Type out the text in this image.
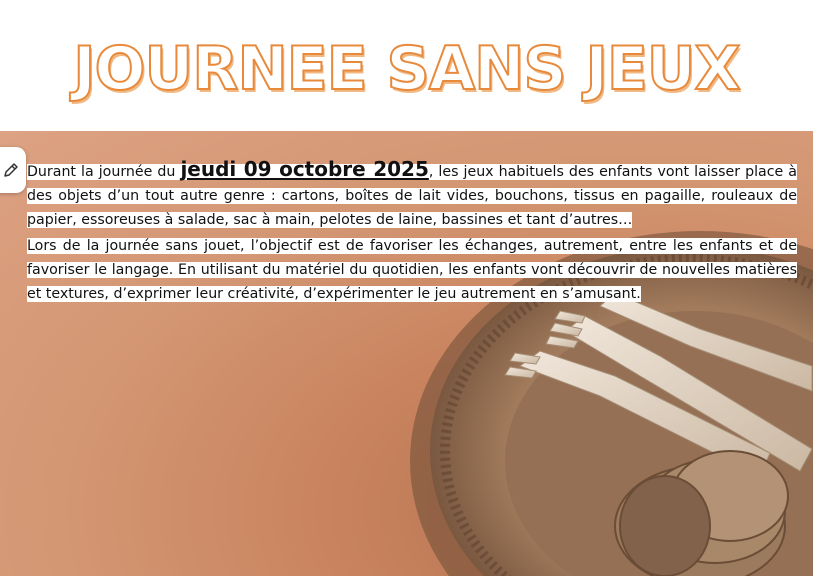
JOURNEE SANS JEUX

Durant la journée du jeudi 09 octobre 2025, les jeux habituels des enfants vont laisser place à des objets d’un tout autre genre : cartons, boîtes de lait vides, bouchons, tissus en pagaille, rouleaux de papier, essoreuses à salade, sac à main, pelotes de laine, bassines et tant d’autres…

Lors de la journée sans jouet, l’objectif est de favoriser les échanges, autrement, entre les enfants et de favoriser le langage. En utilisant du matériel du quotidien, les enfants vont découvrir de nouvelles matières et textures, d’exprimer leur créativité, d’expérimenter le jeu autrement en s’amusant.
